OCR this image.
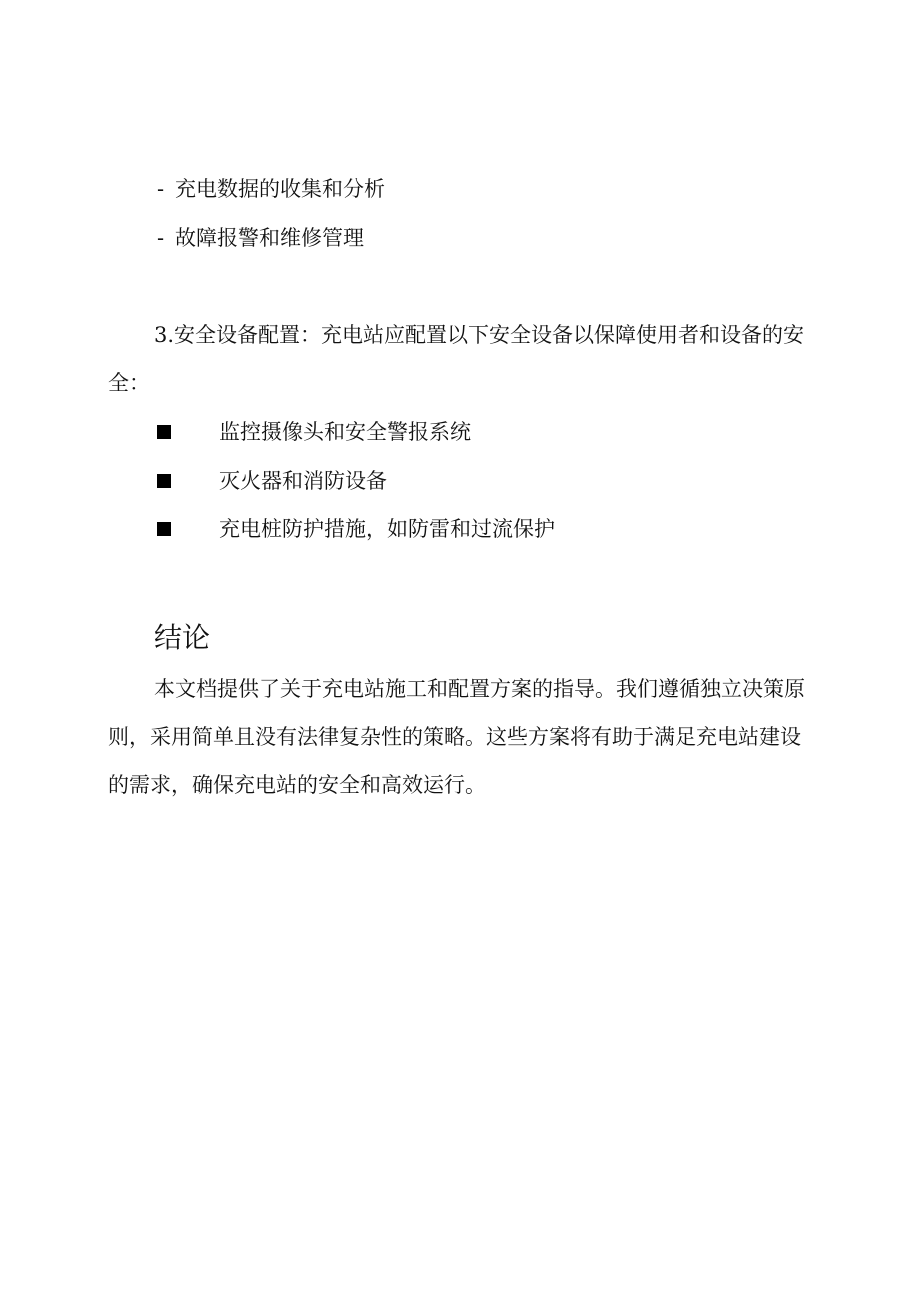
- 充电数据的收集和分析
- 故障报警和维修管理

3.安全设备配置：充电站应配置以下安全设备以保障使用者和设备的安全：

监控摄像头和安全警报系统
灭火器和消防设备
充电桩防护措施，如防雷和过流保护
结论

本文档提供了关于充电站施工和配置方案的指导。我们遵循独立决策原则，采用简单且没有法律复杂性的策略。这些方案将有助于满足充电站建设的需求，确保充电站的安全和高效运行。
